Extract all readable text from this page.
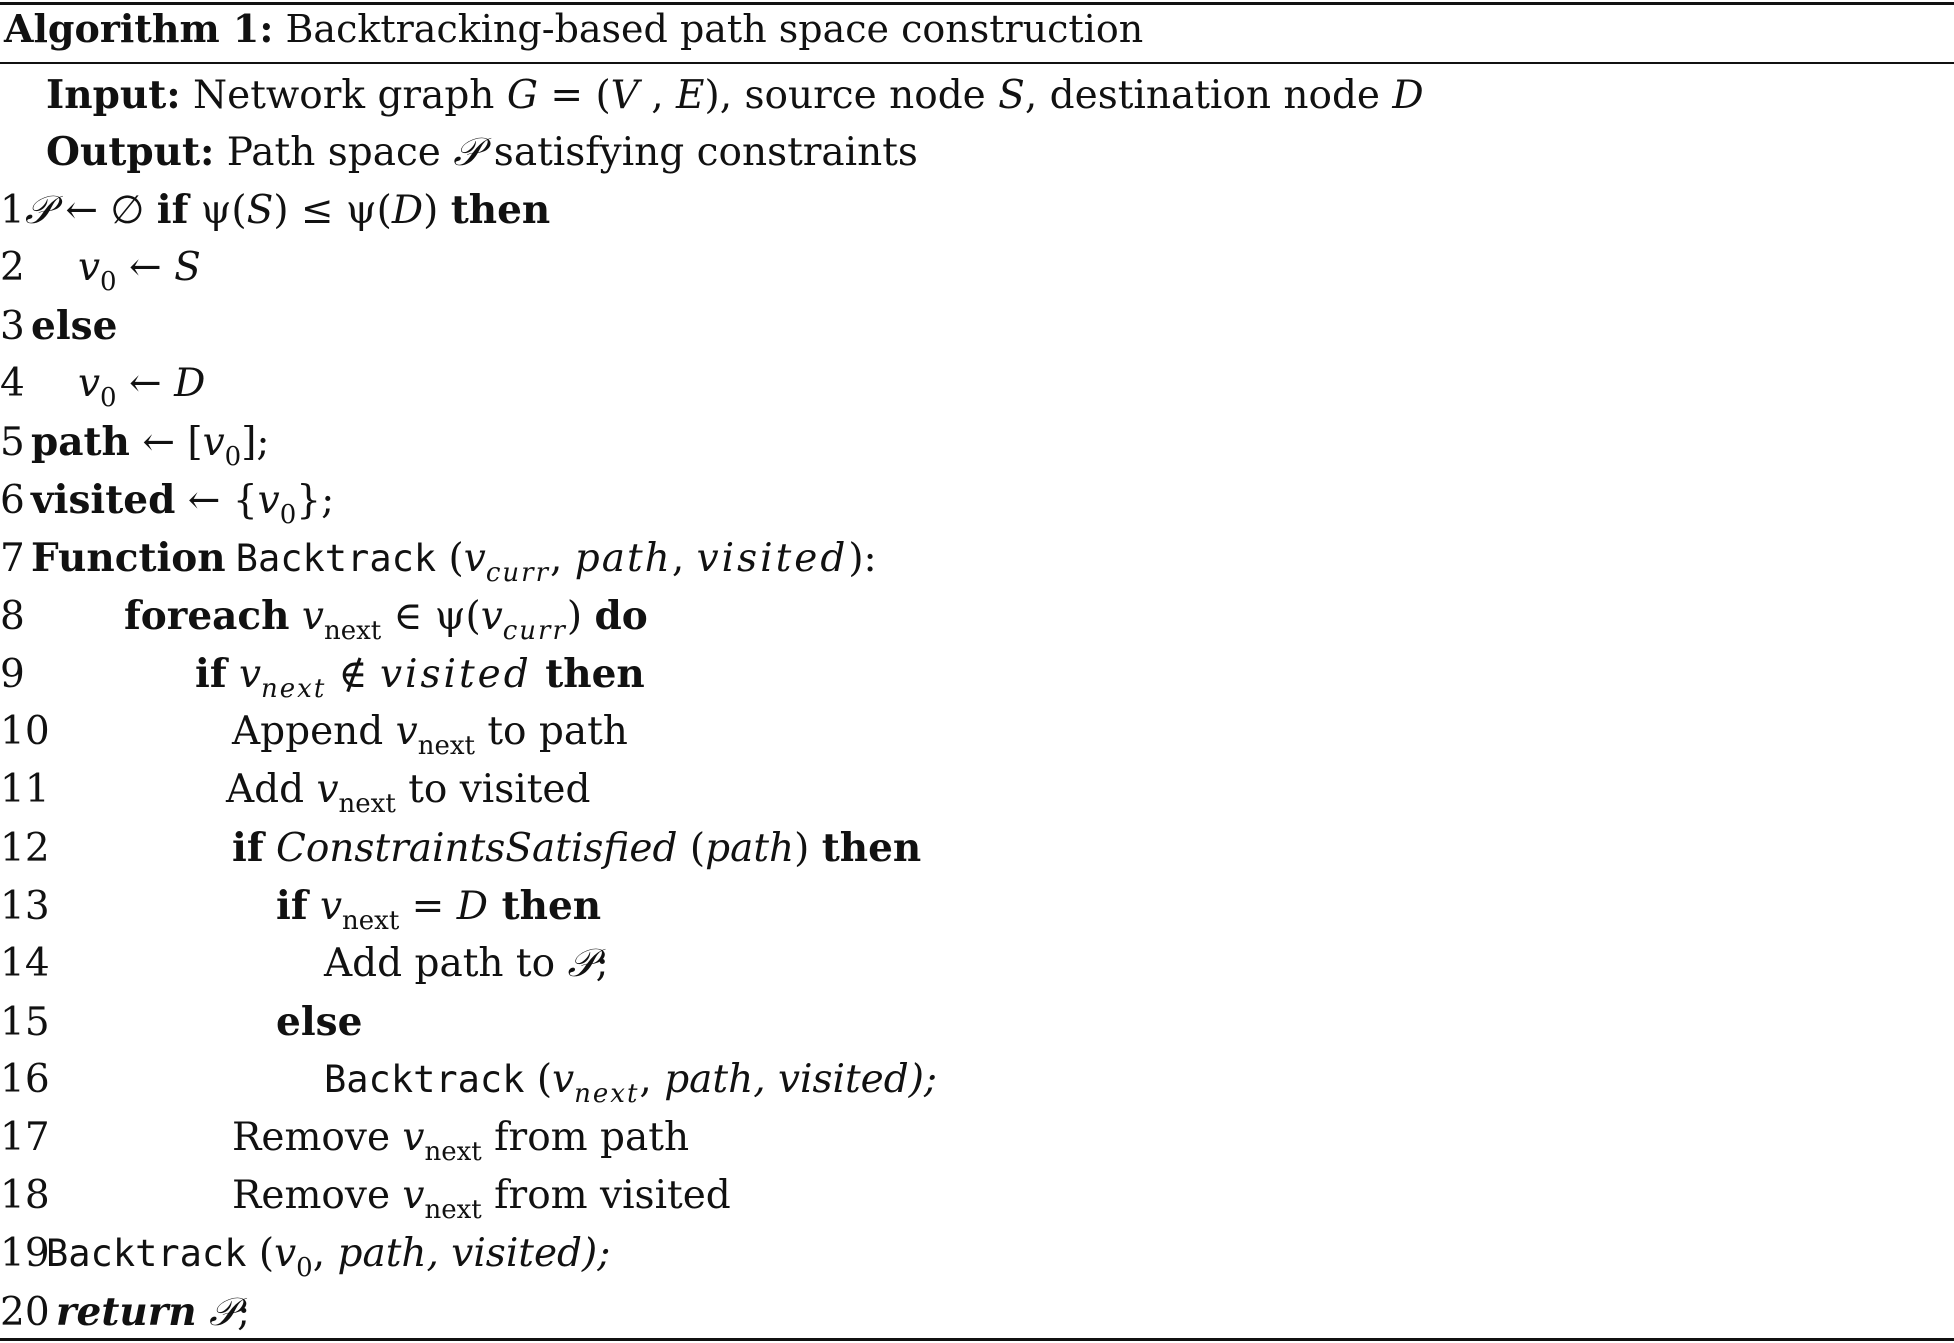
Algorithm 1: Backtracking-based path space construction
Input: Network graph G = (V , E), source node S, destination node D
Output: Path space 𝒫 satisfying constraints
1𝒫 ← ∅ if ψ(S) ≤ ψ(D) then
2 $v_0$ ← S
3 else
4 $v_0$ ← D
5 path ← $[v_0]$;
6 visited ← $\{v_0\}$;
7 Function Backtrack ($v_{curr}$, path, visited):
8	foreach $v_{next}$ ∈ $\psi(v_{curr})$ do
9	if $v_{next}$ ∉ visited then
10	Append $v_{next}$ to path
11	Add $v_{next}$ to visited
12	if ConstraintsSatisfied (path) then
13	if $v_{next} = D$ then
14	Add path to 𝒫;
15	else
16	Backtrack ($v_{next}$, path, visited);
17	Remove $v_{next}$ from path
18	Remove $v_{next}$ from visited
19Backtrack ($v_0$, path, visited);
20 return 𝒫;
